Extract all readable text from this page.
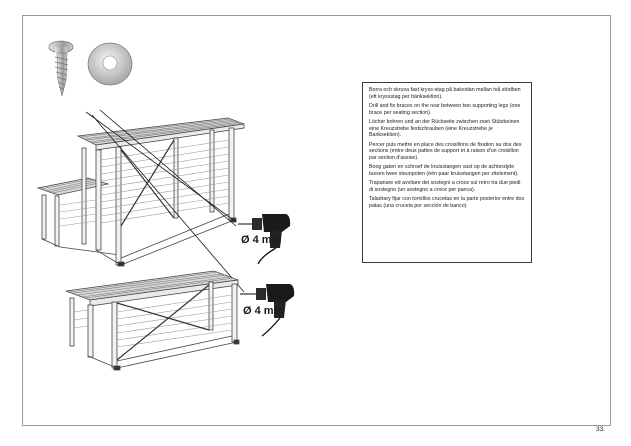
Ø 4 mm
Ø 4 mm

Borra och skruva fast kryss-stag på baksidan mellan två stödben (ett kryssstag per bänksektion).

Drill and fix braces on the rear between two supporting legs (one brace per seating section).

Löcher bohren und an der Rückseite zwischen zwei Stützbeinen eine Kreuzstrebe festschrauben (eine Kreuzstrebe je Banksektion).

Percer puis mettre en place des croisillons de fixation au dos des sections (entre deux pattes de support et à raison d'un croisillon par section d'assise).

Boog gaten en schroef de kruisstangen vast op de achterzijde tussen twee steunpoten (één paar kruisstangen per zitelement).

Trapanare ed avvitare dei sostegni a croce sul retro tra due piedi di sostegno (un sostegno a croce per panca).

Taladrary fijar con tornillos crucetas en la parte posterior entre dos patas (una cruceta por sección de banco)

33.
